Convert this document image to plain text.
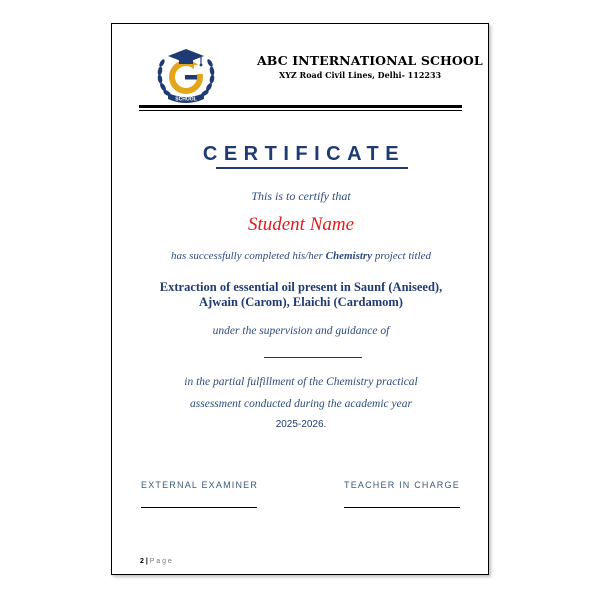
SCHOOL
ABC INTERNATIONAL SCHOOL
XYZ Road Civil Lines, Delhi- 112233
CERTIFICATE
This is to certify that
Student Name
has successfully completed his/her Chemistry project titled
Extraction of essential oil present in Saunf (Aniseed),
Ajwain (Carom), Elaichi (Cardamom)
under the supervision and guidance of
in the partial fulfillment of the Chemistry practical
assessment conducted during the academic year
2025-2026.
EXTERNAL EXAMINER	TEACHER IN CHARGE
2 | P a g e
